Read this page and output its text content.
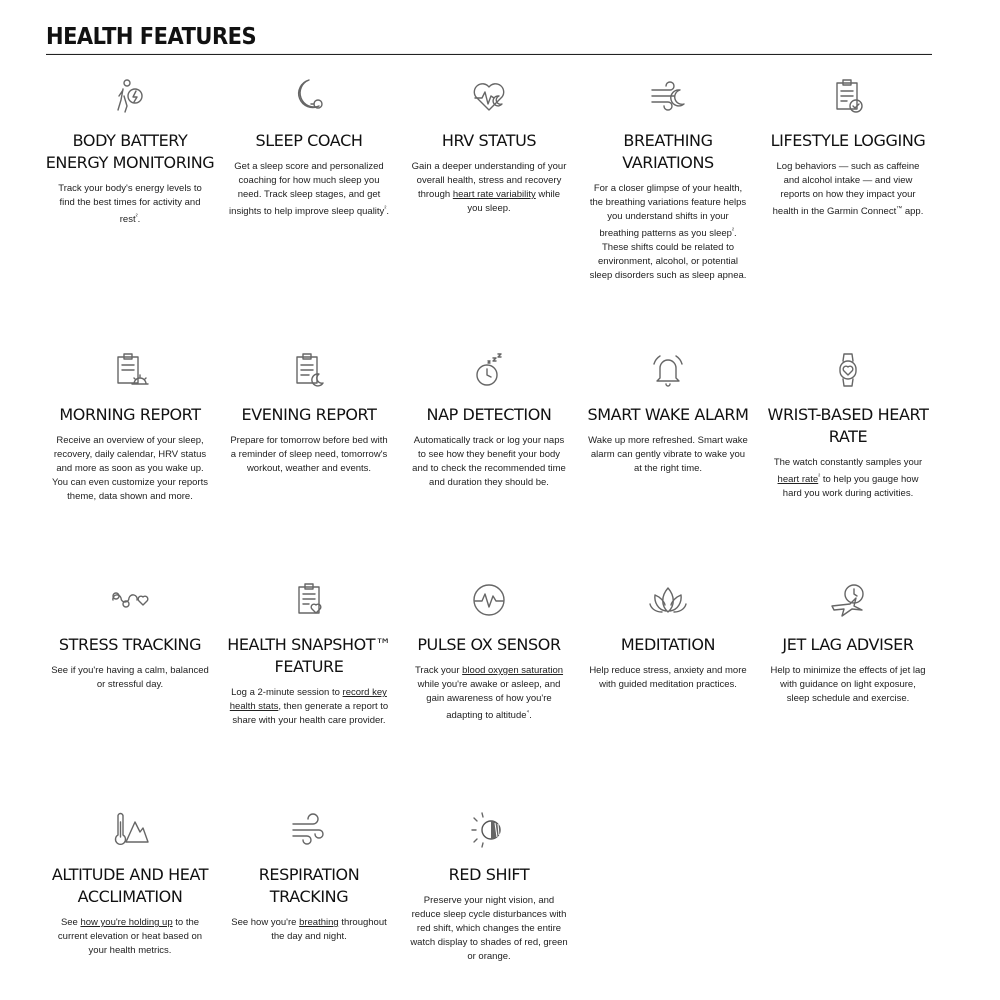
HEALTH FEATURES
BODY BATTERY ENERGY MONITORING

Track your body's energy levels to find the best times for activity and rest$^{^2}$.

SLEEP COACH

Get a sleep score and personalized coaching for how much sleep you need. Track sleep stages, and get insights to help improve sleep quality$^{^2}$.

HRV STATUS

Gain a deeper understanding of your overall health, stress and recovery through heart rate variability while you sleep.

BREATHING VARIATIONS

For a closer glimpse of your health, the breathing variations feature helps you understand shifts in your breathing patterns as you sleep$^{^2}$. These shifts could be related to environment, alcohol, or potential sleep disorders such as sleep apnea.

LIFESTYLE LOGGING

Log behaviors — such as caffeine and alcohol intake — and view reports on how they impact your health in the Garmin Connect™ app.

MORNING REPORT

Receive an overview of your sleep, recovery, daily calendar, HRV status and more as soon as you wake up. You can even customize your reports theme, data shown and more.

EVENING REPORT

Prepare for tomorrow before bed with a reminder of sleep need, tomorrow's workout, weather and events.

NAP DETECTION

Automatically track or log your naps to see how they benefit your body and to check the recommended time and duration they should be.

SMART WAKE ALARM

Wake up more refreshed. Smart wake alarm can gently vibrate to wake you at the right time.

WRIST-BASED HEART RATE

The watch constantly samples your heart rate$^{^2}$ to help you gauge how hard you work during activities.

STRESS TRACKING

See if you're having a calm, balanced or stressful day.

HEALTH SNAPSHOT™ FEATURE

Log a 2-minute session to record key health stats, then generate a report to share with your health care provider.

PULSE OX SENSOR

Track your blood oxygen saturation while you're awake or asleep, and gain awareness of how you're adapting to altitude$^{^4}$.

MEDITATION

Help reduce stress, anxiety and more with guided meditation practices.

JET LAG ADVISER

Help to minimize the effects of jet lag with guidance on light exposure, sleep schedule and exercise.

ALTITUDE AND HEAT ACCLIMATION

See how you're holding up to the current elevation or heat based on your health metrics.

RESPIRATION TRACKING

See how you're breathing throughout the day and night.

RED SHIFT

Preserve your night vision, and reduce sleep cycle disturbances with red shift, which changes the entire watch display to shades of red, green or orange.
